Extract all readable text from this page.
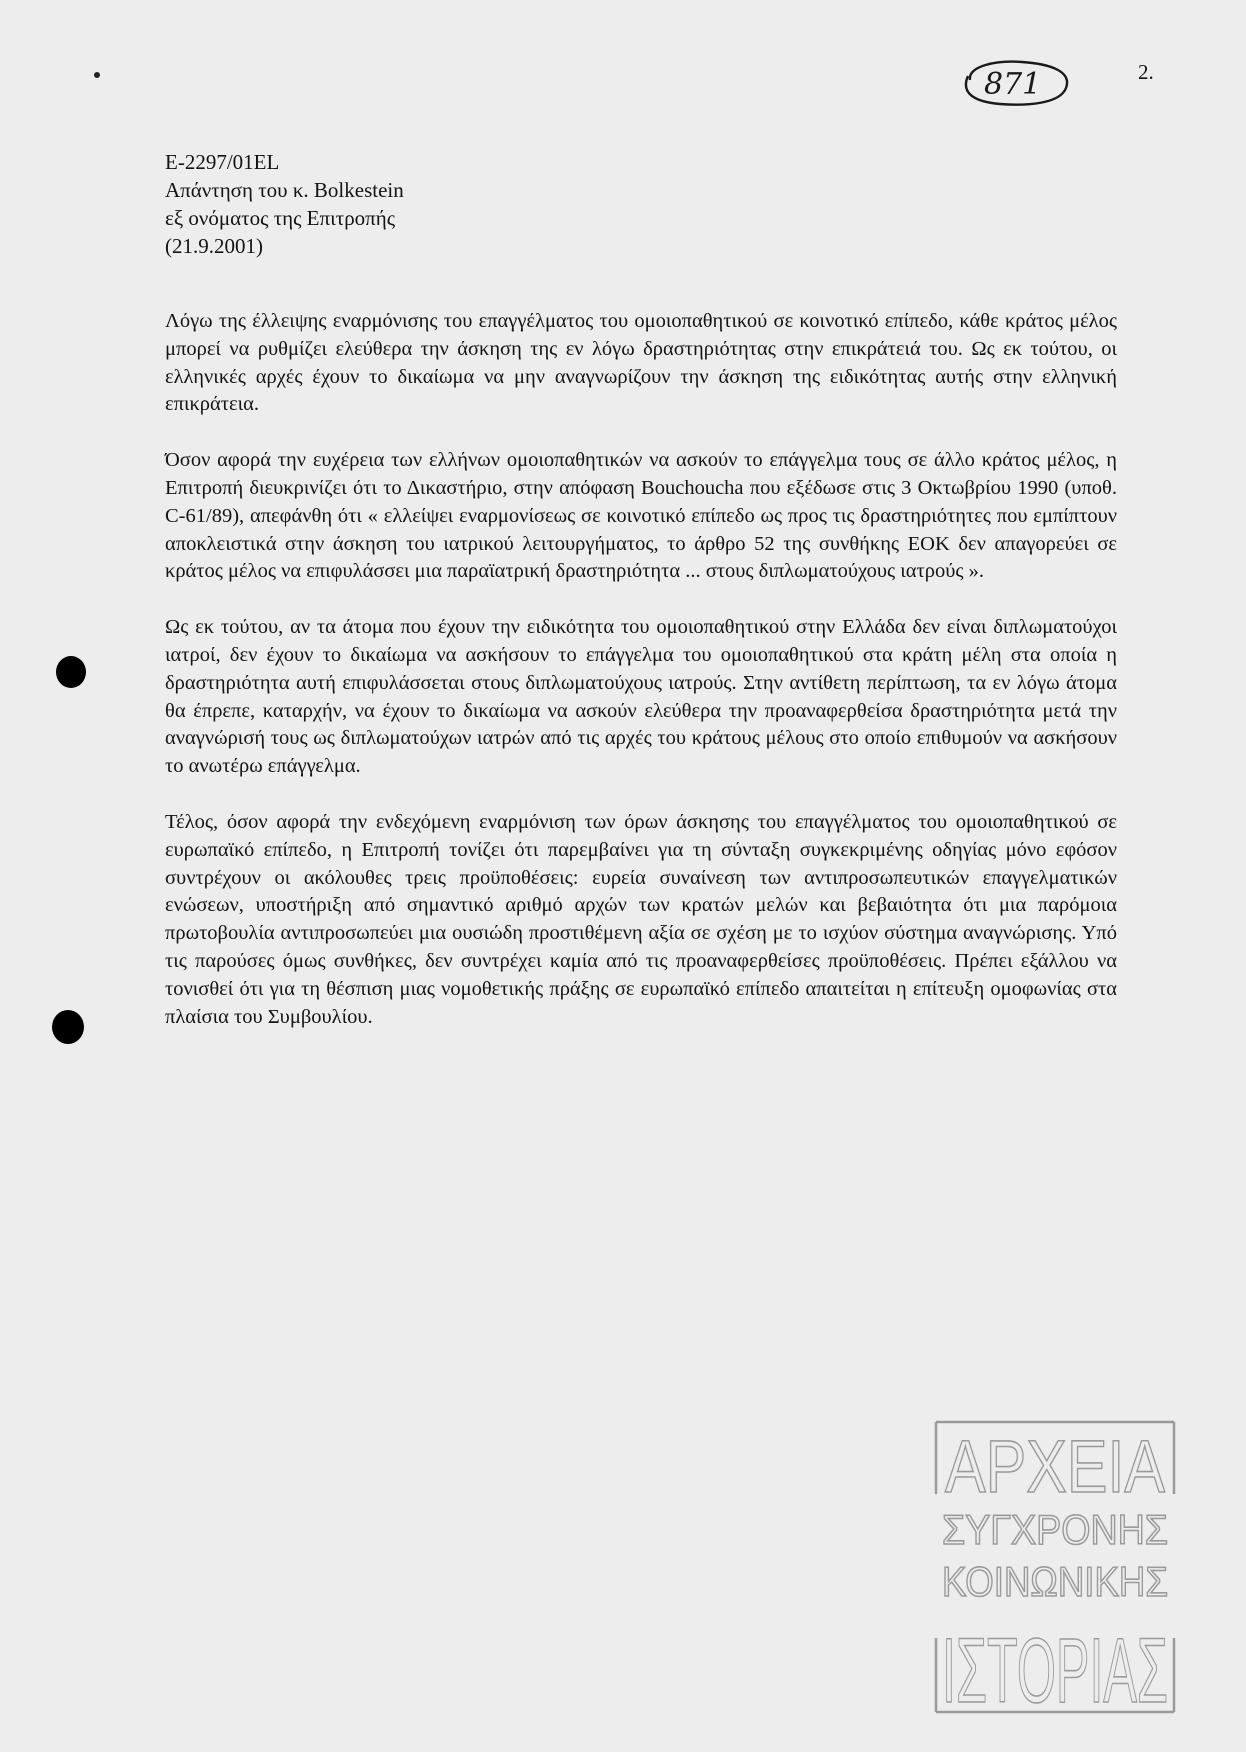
871	2.
E-2297/01EL
Απάντηση του κ. Bolkestein
εξ ονόματος της Επιτροπής
(21.9.2001)

Λόγω της έλλειψης εναρμόνισης του επαγγέλματος του ομοιοπαθητικού σε κοινοτικό επίπεδο, κάθε κράτος μέλος μπορεί να ρυθμίζει ελεύθερα την άσκηση της εν λόγω δραστηριότητας στην επικράτειά του. Ως εκ τούτου, οι ελληνικές αρχές έχουν το δικαίωμα να μην αναγνωρίζουν την άσκηση της ειδικότητας αυτής στην ελληνική επικράτεια.

Όσον αφορά την ευχέρεια των ελλήνων ομοιοπαθητικών να ασκούν το επάγγελμα τους σε άλλο κράτος μέλος, η Επιτροπή διευκρινίζει ότι το Δικαστήριο, στην απόφαση Bouchoucha που εξέδωσε στις 3 Οκτωβρίου 1990 (υποθ. C-61/89), απεφάνθη ότι « ελλείψει εναρμονίσεως σε κοινοτικό επίπεδο ως προς τις δραστηριότητες που εμπίπτουν αποκλειστικά στην άσκηση του ιατρικού λειτουργήματος, το άρθρο 52 της συνθήκης ΕΟΚ δεν απαγορεύει σε κράτος μέλος να επιφυλάσσει μια παραϊατρική δραστηριότητα ... στους διπλωματούχους ιατρούς ».

Ως εκ τούτου, αν τα άτομα που έχουν την ειδικότητα του ομοιοπαθητικού στην Ελλάδα δεν είναι διπλωματούχοι ιατροί, δεν έχουν το δικαίωμα να ασκήσουν το επάγγελμα του ομοιοπαθητικού στα κράτη μέλη στα οποία η δραστηριότητα αυτή επιφυλάσσεται στους διπλωματούχους ιατρούς. Στην αντίθετη περίπτωση, τα εν λόγω άτομα θα έπρεπε, καταρχήν, να έχουν το δικαίωμα να ασκούν ελεύθερα την προαναφερθείσα δραστηριότητα μετά την αναγνώρισή τους ως διπλωματούχων ιατρών από τις αρχές του κράτους μέλους στο οποίο επιθυμούν να ασκήσουν το ανωτέρω επάγγελμα.

Τέλος, όσον αφορά την ενδεχόμενη εναρμόνιση των όρων άσκησης του επαγγέλματος του ομοιοπαθητικού σε ευρωπαϊκό επίπεδο, η Επιτροπή τονίζει ότι παρεμβαίνει για τη σύνταξη συγκεκριμένης οδηγίας μόνο εφόσον συντρέχουν οι ακόλουθες τρεις προϋποθέσεις: ευρεία συναίνεση των αντιπροσωπευτικών επαγγελματικών ενώσεων, υποστήριξη από σημαντικό αριθμό αρχών των κρατών μελών και βεβαιότητα ότι μια παρόμοια πρωτοβουλία αντιπροσωπεύει μια ουσιώδη προστιθέμενη αξία σε σχέση με το ισχύον σύστημα αναγνώρισης. Υπό τις παρούσες όμως συνθήκες, δεν συντρέχει καμία από τις προαναφερθείσες προϋποθέσεις. Πρέπει εξάλλου να τονισθεί ότι για τη θέσπιση μιας νομοθετικής πράξης σε ευρωπαϊκό επίπεδο απαιτείται η επίτευξη ομοφωνίας στα πλαίσια του Συμβουλίου.

ΑΡΧΕΙΑ
ΣΥΓΧΡΟΝΗΣ
ΚΟΙΝΩΝΙΚΗΣ
ΙΣΤΟΡΙΑΣ
